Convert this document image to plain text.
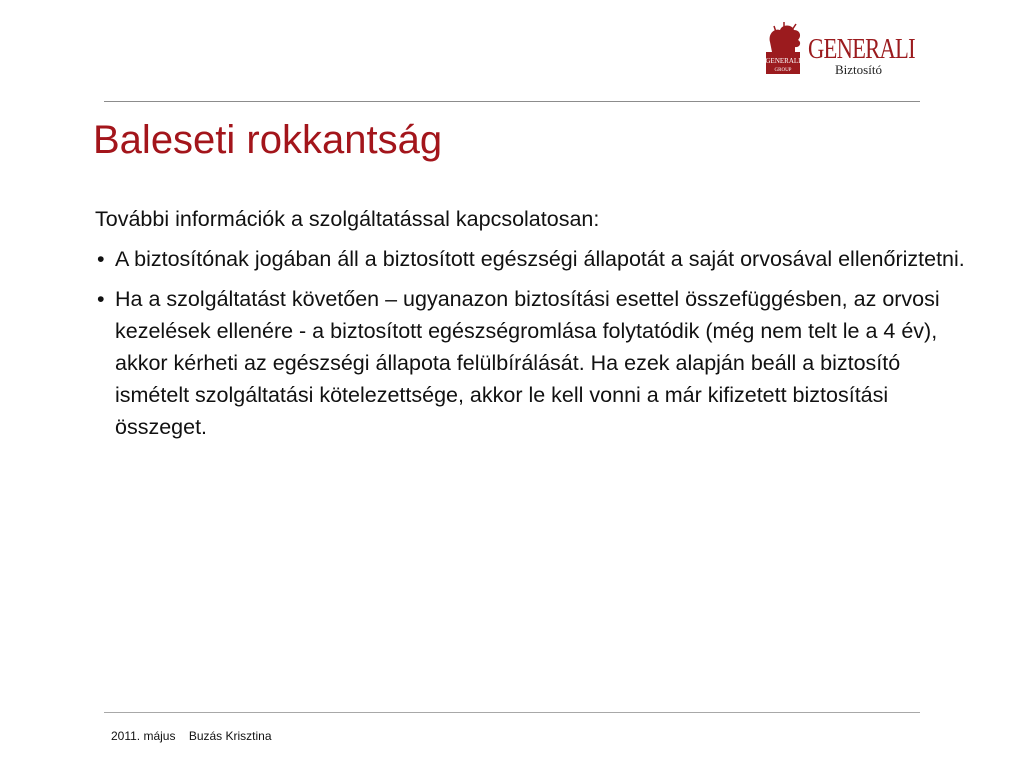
GENERALI
GROUP
GENERALI
Biztosító
Baleseti rokkantság

További információk a szolgáltatással kapcsolatosan:

• A biztosítónak jogában áll a biztosított egészségi állapotát a saját orvosával ellenőriztetni.
• Ha a szolgáltatást követően – ugyanazon biztosítási esettel összefüggésben, az orvosi kezelések ellenére - a biztosított egészségromlása folytatódik (még nem telt le a 4 év), akkor kérheti az egészségi állapota felülbírálását. Ha ezek alapján beáll a biztosító ismételt szolgáltatási kötelezettsége, akkor le kell vonni a már kifizetett biztosítási összeget.
2011. május Buzás Krisztina
